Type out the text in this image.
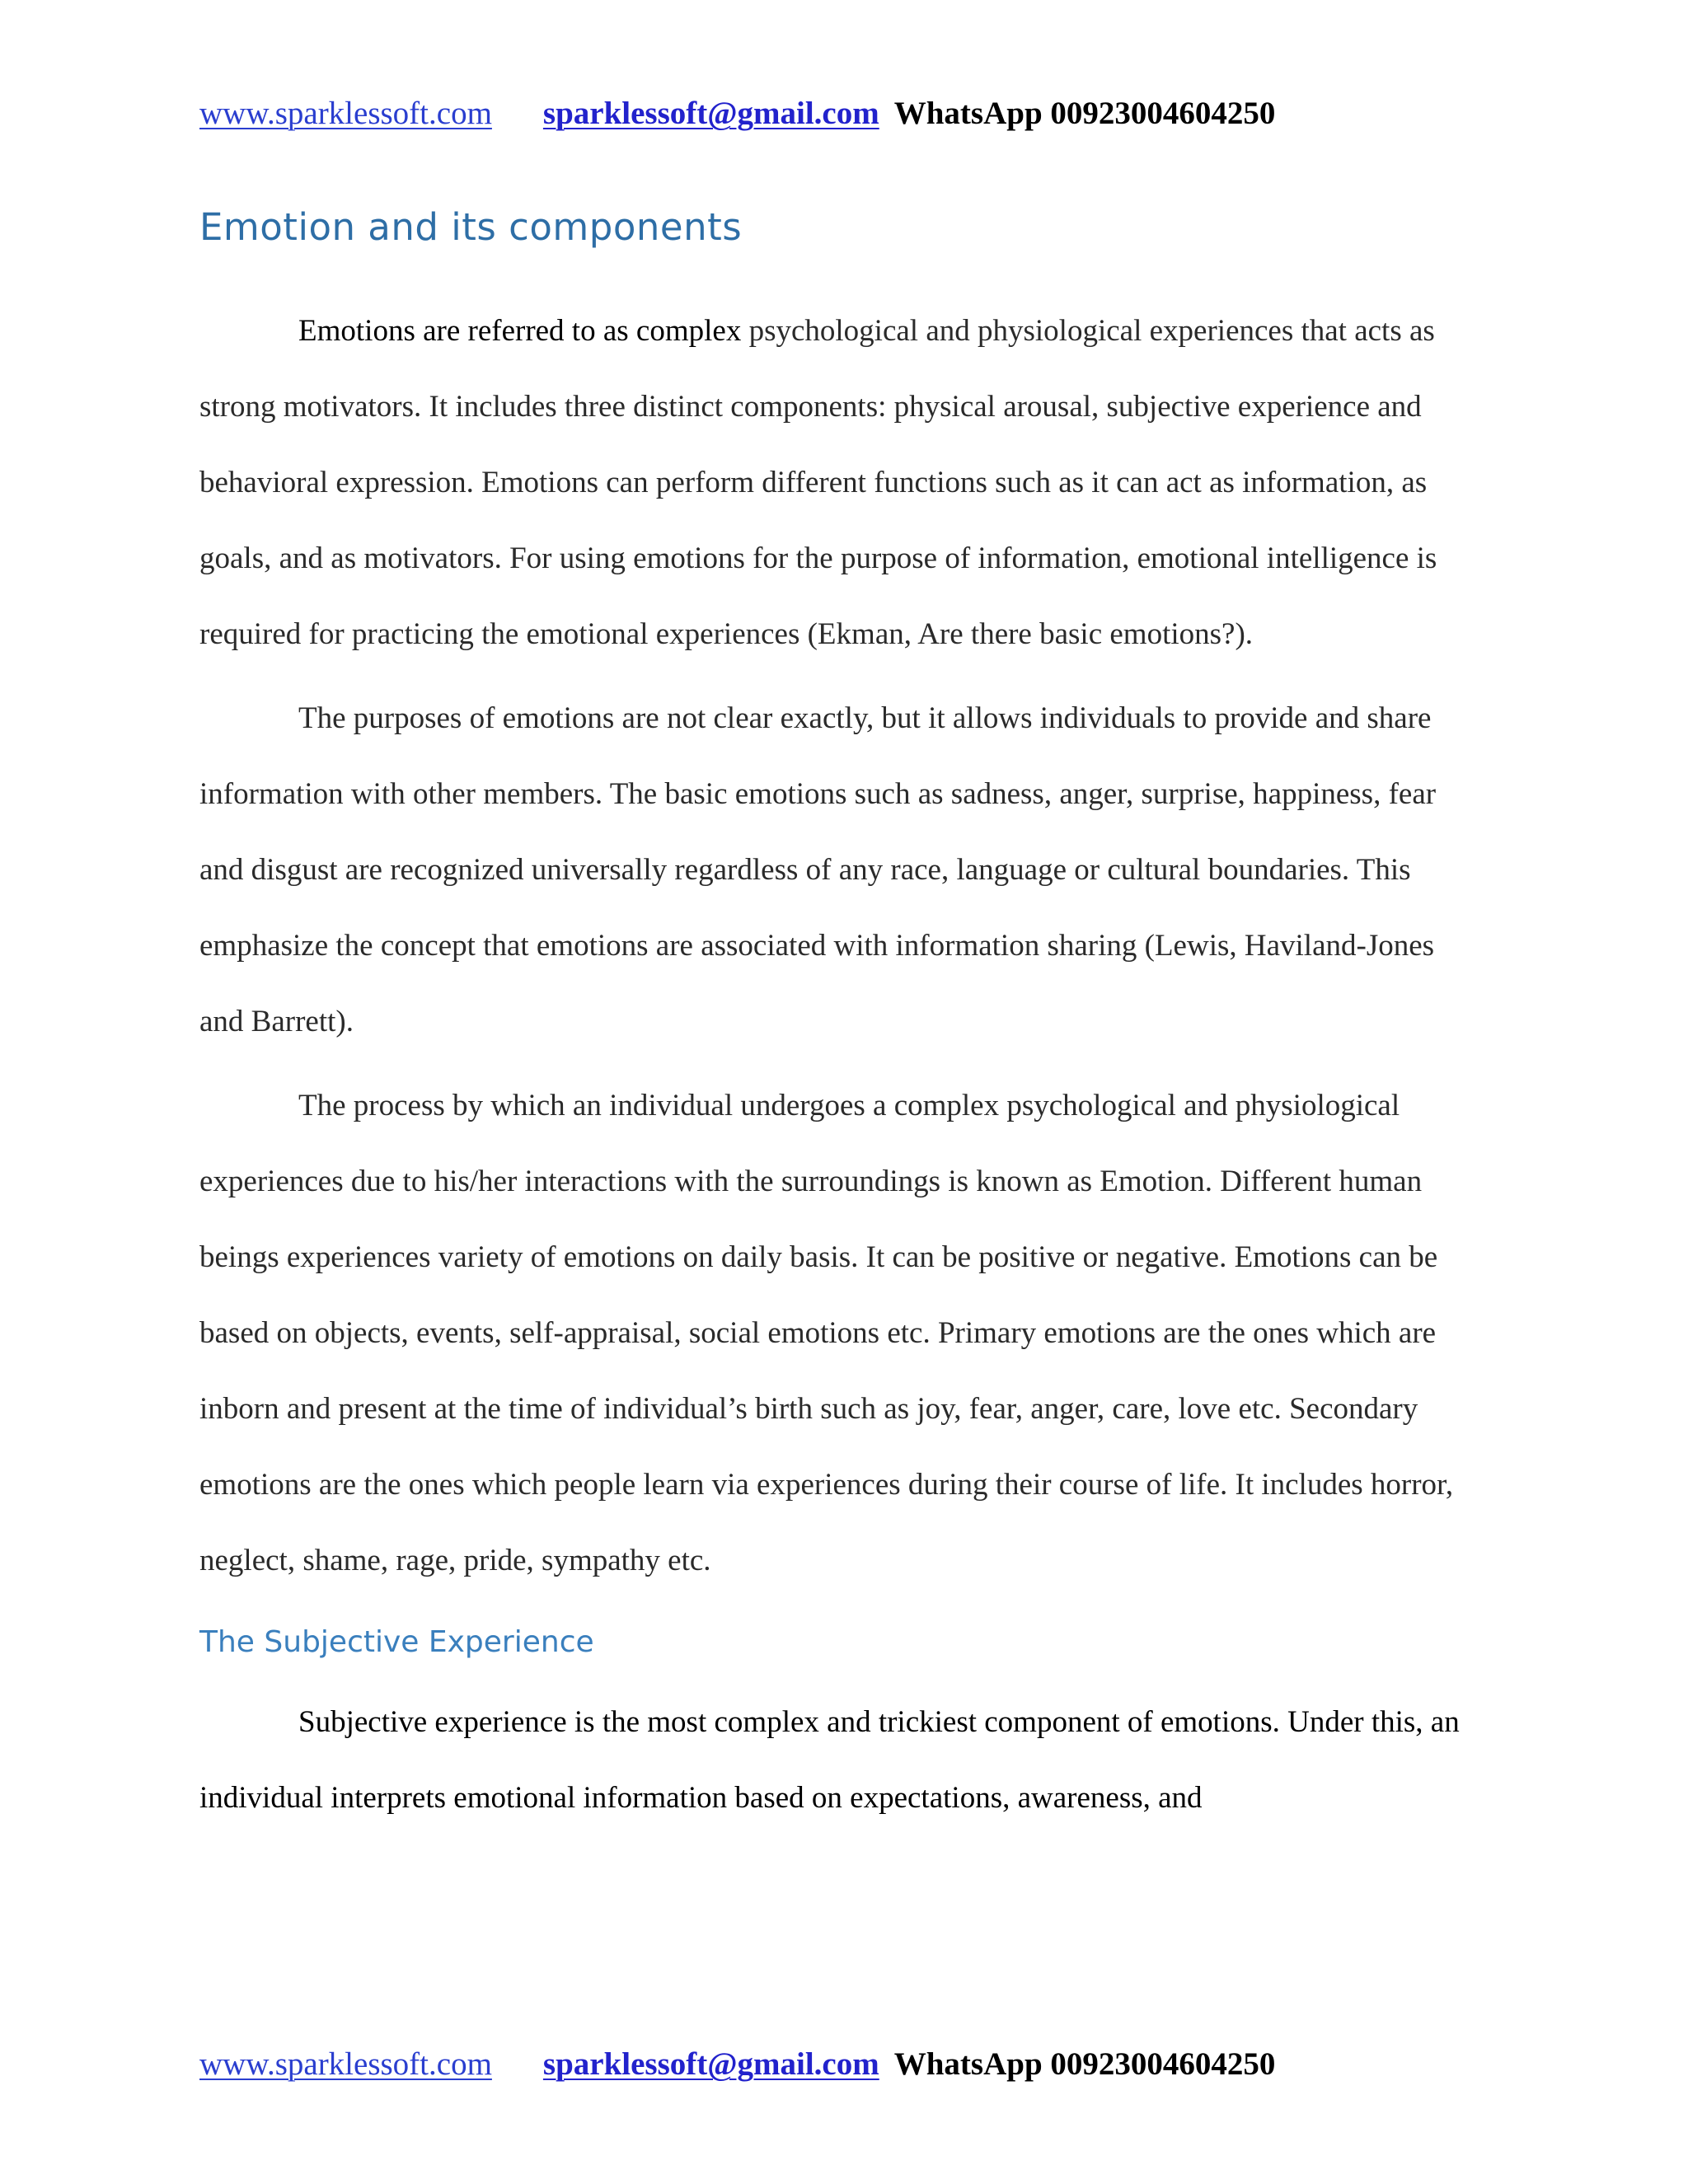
www.sparklessoft.com sparklessoft@gmail.com WhatsApp 00923004604250
Emotion and its components

Emotions are referred to as complex psychological and physiological experiences that acts as strong motivators. It includes three distinct components: physical arousal, subjective experience and behavioral expression. Emotions can perform different functions such as it can act as information, as goals, and as motivators. For using emotions for the purpose of information, emotional intelligence is required for practicing the emotional experiences (Ekman, Are there basic emotions?).

The purposes of emotions are not clear exactly, but it allows individuals to provide and share information with other members. The basic emotions such as sadness, anger, surprise, happiness, fear and disgust are recognized universally regardless of any race, language or cultural boundaries. This emphasize the concept that emotions are associated with information sharing (Lewis, Haviland-Jones and Barrett).

The process by which an individual undergoes a complex psychological and physiological experiences due to his/her interactions with the surroundings is known as Emotion. Different human beings experiences variety of emotions on daily basis. It can be positive or negative. Emotions can be based on objects, events, self-appraisal, social emotions etc. Primary emotions are the ones which are inborn and present at the time of individual’s birth such as joy, fear, anger, care, love etc. Secondary emotions are the ones which people learn via experiences during their course of life. It includes horror, neglect, shame, rage, pride, sympathy etc.

The Subjective Experience

Subjective experience is the most complex and trickiest component of emotions. Under this, an individual interprets emotional information based on expectations, awareness, and

www.sparklessoft.com sparklessoft@gmail.com WhatsApp 00923004604250
